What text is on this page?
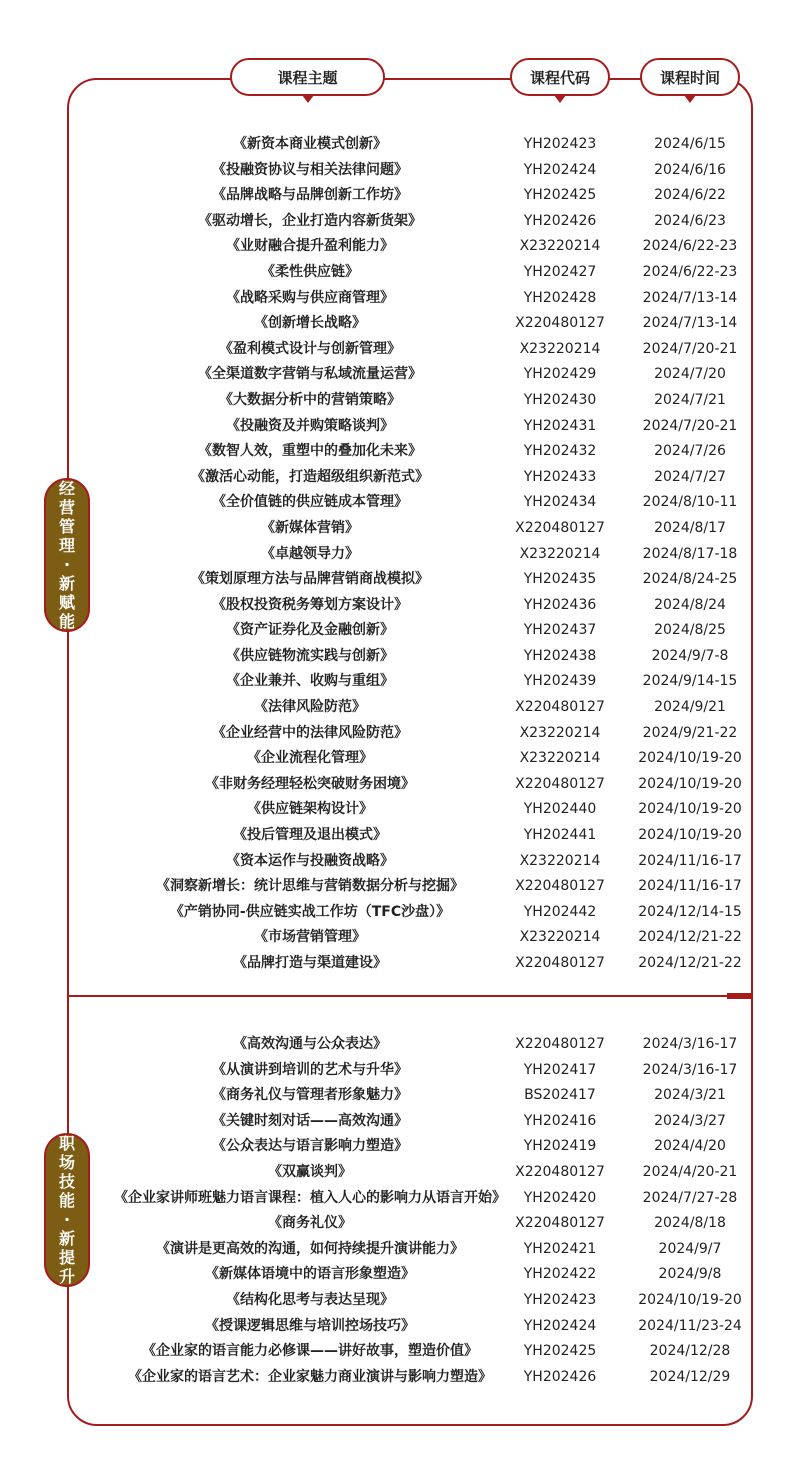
课程主题	课程代码	课程时间
经营管理·新赋能
职场技能·新提升
《新资本商业模式创新》	YH202423	2024/6/15
《投融资协议与相关法律问题》	YH202424	2024/6/16
《品牌战略与品牌创新工作坊》	YH202425	2024/6/22
《驱动增长，企业打造内容新货架》	YH202426	2024/6/23
《业财融合提升盈利能力》	X23220214	2024/6/22-23
《柔性供应链》	YH202427	2024/6/22-23
《战略采购与供应商管理》	YH202428	2024/7/13-14
《创新增长战略》	X220480127	2024/7/13-14
《盈利模式设计与创新管理》	X23220214	2024/7/20-21
《全渠道数字营销与私域流量运营》	YH202429	2024/7/20
《大数据分析中的营销策略》	YH202430	2024/7/21
《投融资及并购策略谈判》	YH202431	2024/7/20-21
《数智人效，重塑中的叠加化未来》	YH202432	2024/7/26
《激活心动能，打造超级组织新范式》	YH202433	2024/7/27
《全价值链的供应链成本管理》	YH202434	2024/8/10-11
《新媒体营销》	X220480127	2024/8/17
《卓越领导力》	X23220214	2024/8/17-18
《策划原理方法与品牌营销商战模拟》	YH202435	2024/8/24-25
《股权投资税务筹划方案设计》	YH202436	2024/8/24
《资产证券化及金融创新》	YH202437	2024/8/25
《供应链物流实践与创新》	YH202438	2024/9/7-8
《企业兼并、收购与重组》	YH202439	2024/9/14-15
《法律风险防范》	X220480127	2024/9/21
《企业经营中的法律风险防范》	X23220214	2024/9/21-22
《企业流程化管理》	X23220214	2024/10/19-20
《非财务经理轻松突破财务困境》	X220480127	2024/10/19-20
《供应链架构设计》	YH202440	2024/10/19-20
《投后管理及退出模式》	YH202441	2024/10/19-20
《资本运作与投融资战略》	X23220214	2024/11/16-17
《洞察新增长：统计思维与营销数据分析与挖掘》	X220480127	2024/11/16-17
《产销协同-供应链实战工作坊（TFC沙盘）》	YH202442	2024/12/14-15
《市场营销管理》	X23220214	2024/12/21-22
《品牌打造与渠道建设》	X220480127	2024/12/21-22
《高效沟通与公众表达》	X220480127	2024/3/16-17
《从演讲到培训的艺术与升华》	YH202417	2024/3/16-17
《商务礼仪与管理者形象魅力》	BS202417	2024/3/21
《关键时刻对话——高效沟通》	YH202416	2024/3/27
《公众表达与语言影响力塑造》	YH202419	2024/4/20
《双赢谈判》	X220480127	2024/4/20-21
《企业家讲师班魅力语言课程：植入人心的影响力从语言开始》	YH202420	2024/7/27-28
《商务礼仪》	X220480127	2024/8/18
《演讲是更高效的沟通，如何持续提升演讲能力》	YH202421	2024/9/7
《新媒体语境中的语言形象塑造》	YH202422	2024/9/8
《结构化思考与表达呈现》	YH202423	2024/10/19-20
《授课逻辑思维与培训控场技巧》	YH202424	2024/11/23-24
《企业家的语言能力必修课——讲好故事，塑造价值》	YH202425	2024/12/28
《企业家的语言艺术：企业家魅力商业演讲与影响力塑造》	YH202426	2024/12/29
